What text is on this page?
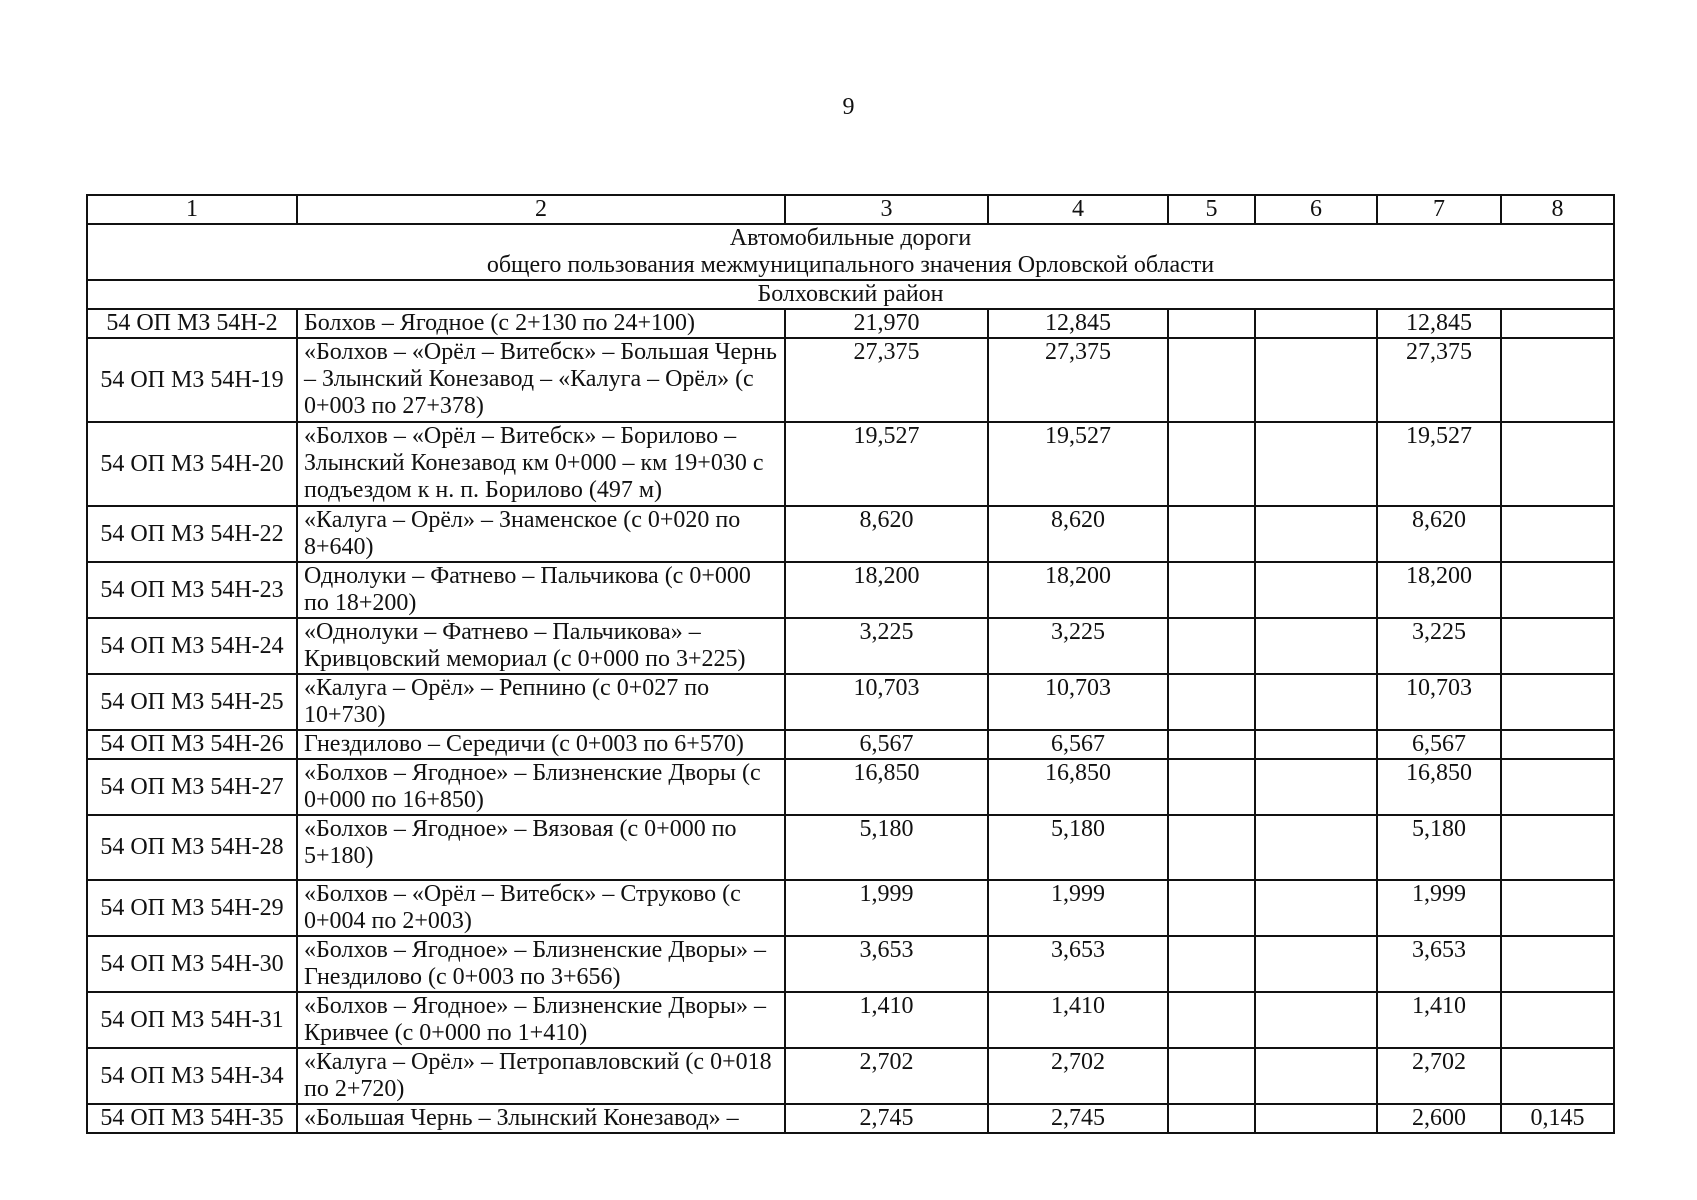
9
1	2	3	4	5	6	7	8

Автомобильные дороги
общего пользования межмуниципального значения Орловской области							

Болховский район							
54 ОП МЗ 54Н-2	Болхов – Ягодное (с 2+130 по 24+100)	21,970	12,845			12,845	
54 ОП МЗ 54Н-19	«Болхов – «Орёл – Витебск» – Большая Чернь – Злынский Конезавод – «Калуга – Орёл» (с 0+003 по 27+378)	27,375	27,375			27,375	
54 ОП МЗ 54Н-20	«Болхов – «Орёл – Витебск» – Борилово – Злынский Конезавод км 0+000 – км 19+030 с подъездом к н. п. Борилово (497 м)	19,527	19,527			19,527	
54 ОП МЗ 54Н-22	«Калуга – Орёл» – Знаменское (с 0+020 по 8+640)	8,620	8,620			8,620	
54 ОП МЗ 54Н-23	Однолуки – Фатнево – Пальчикова (с 0+000 по 18+200)	18,200	18,200			18,200	
54 ОП МЗ 54Н-24	«Однолуки – Фатнево – Пальчикова» – Кривцовский мемориал (с 0+000 по 3+225)	3,225	3,225			3,225	
54 ОП МЗ 54Н-25	«Калуга – Орёл» – Репнино (с 0+027 по 10+730)	10,703	10,703			10,703	
54 ОП МЗ 54Н-26	Гнездилово – Середичи (с 0+003 по 6+570)	6,567	6,567			6,567	
54 ОП МЗ 54Н-27	«Болхов – Ягодное» – Близненские Дворы (с 0+000 по 16+850)	16,850	16,850			16,850	
54 ОП МЗ 54Н-28	«Болхов – Ягодное» – Вязовая (с 0+000 по 5+180)	5,180	5,180			5,180	
54 ОП МЗ 54Н-29	«Болхов – «Орёл – Витебск» – Струково (с 0+004 по 2+003)	1,999	1,999			1,999	
54 ОП МЗ 54Н-30	«Болхов – Ягодное» – Близненские Дворы» – Гнездилово (с 0+003 по 3+656)	3,653	3,653			3,653	
54 ОП МЗ 54Н-31	«Болхов – Ягодное» – Близненские Дворы» – Кривчее (с 0+000 по 1+410)	1,410	1,410			1,410	
54 ОП МЗ 54Н-34	«Калуга – Орёл» – Петропавловский (с 0+018 по 2+720)	2,702	2,702			2,702	
54 ОП МЗ 54Н-35	«Большая Чернь – Злынский Конезавод» –	2,745	2,745			2,600	0,145
